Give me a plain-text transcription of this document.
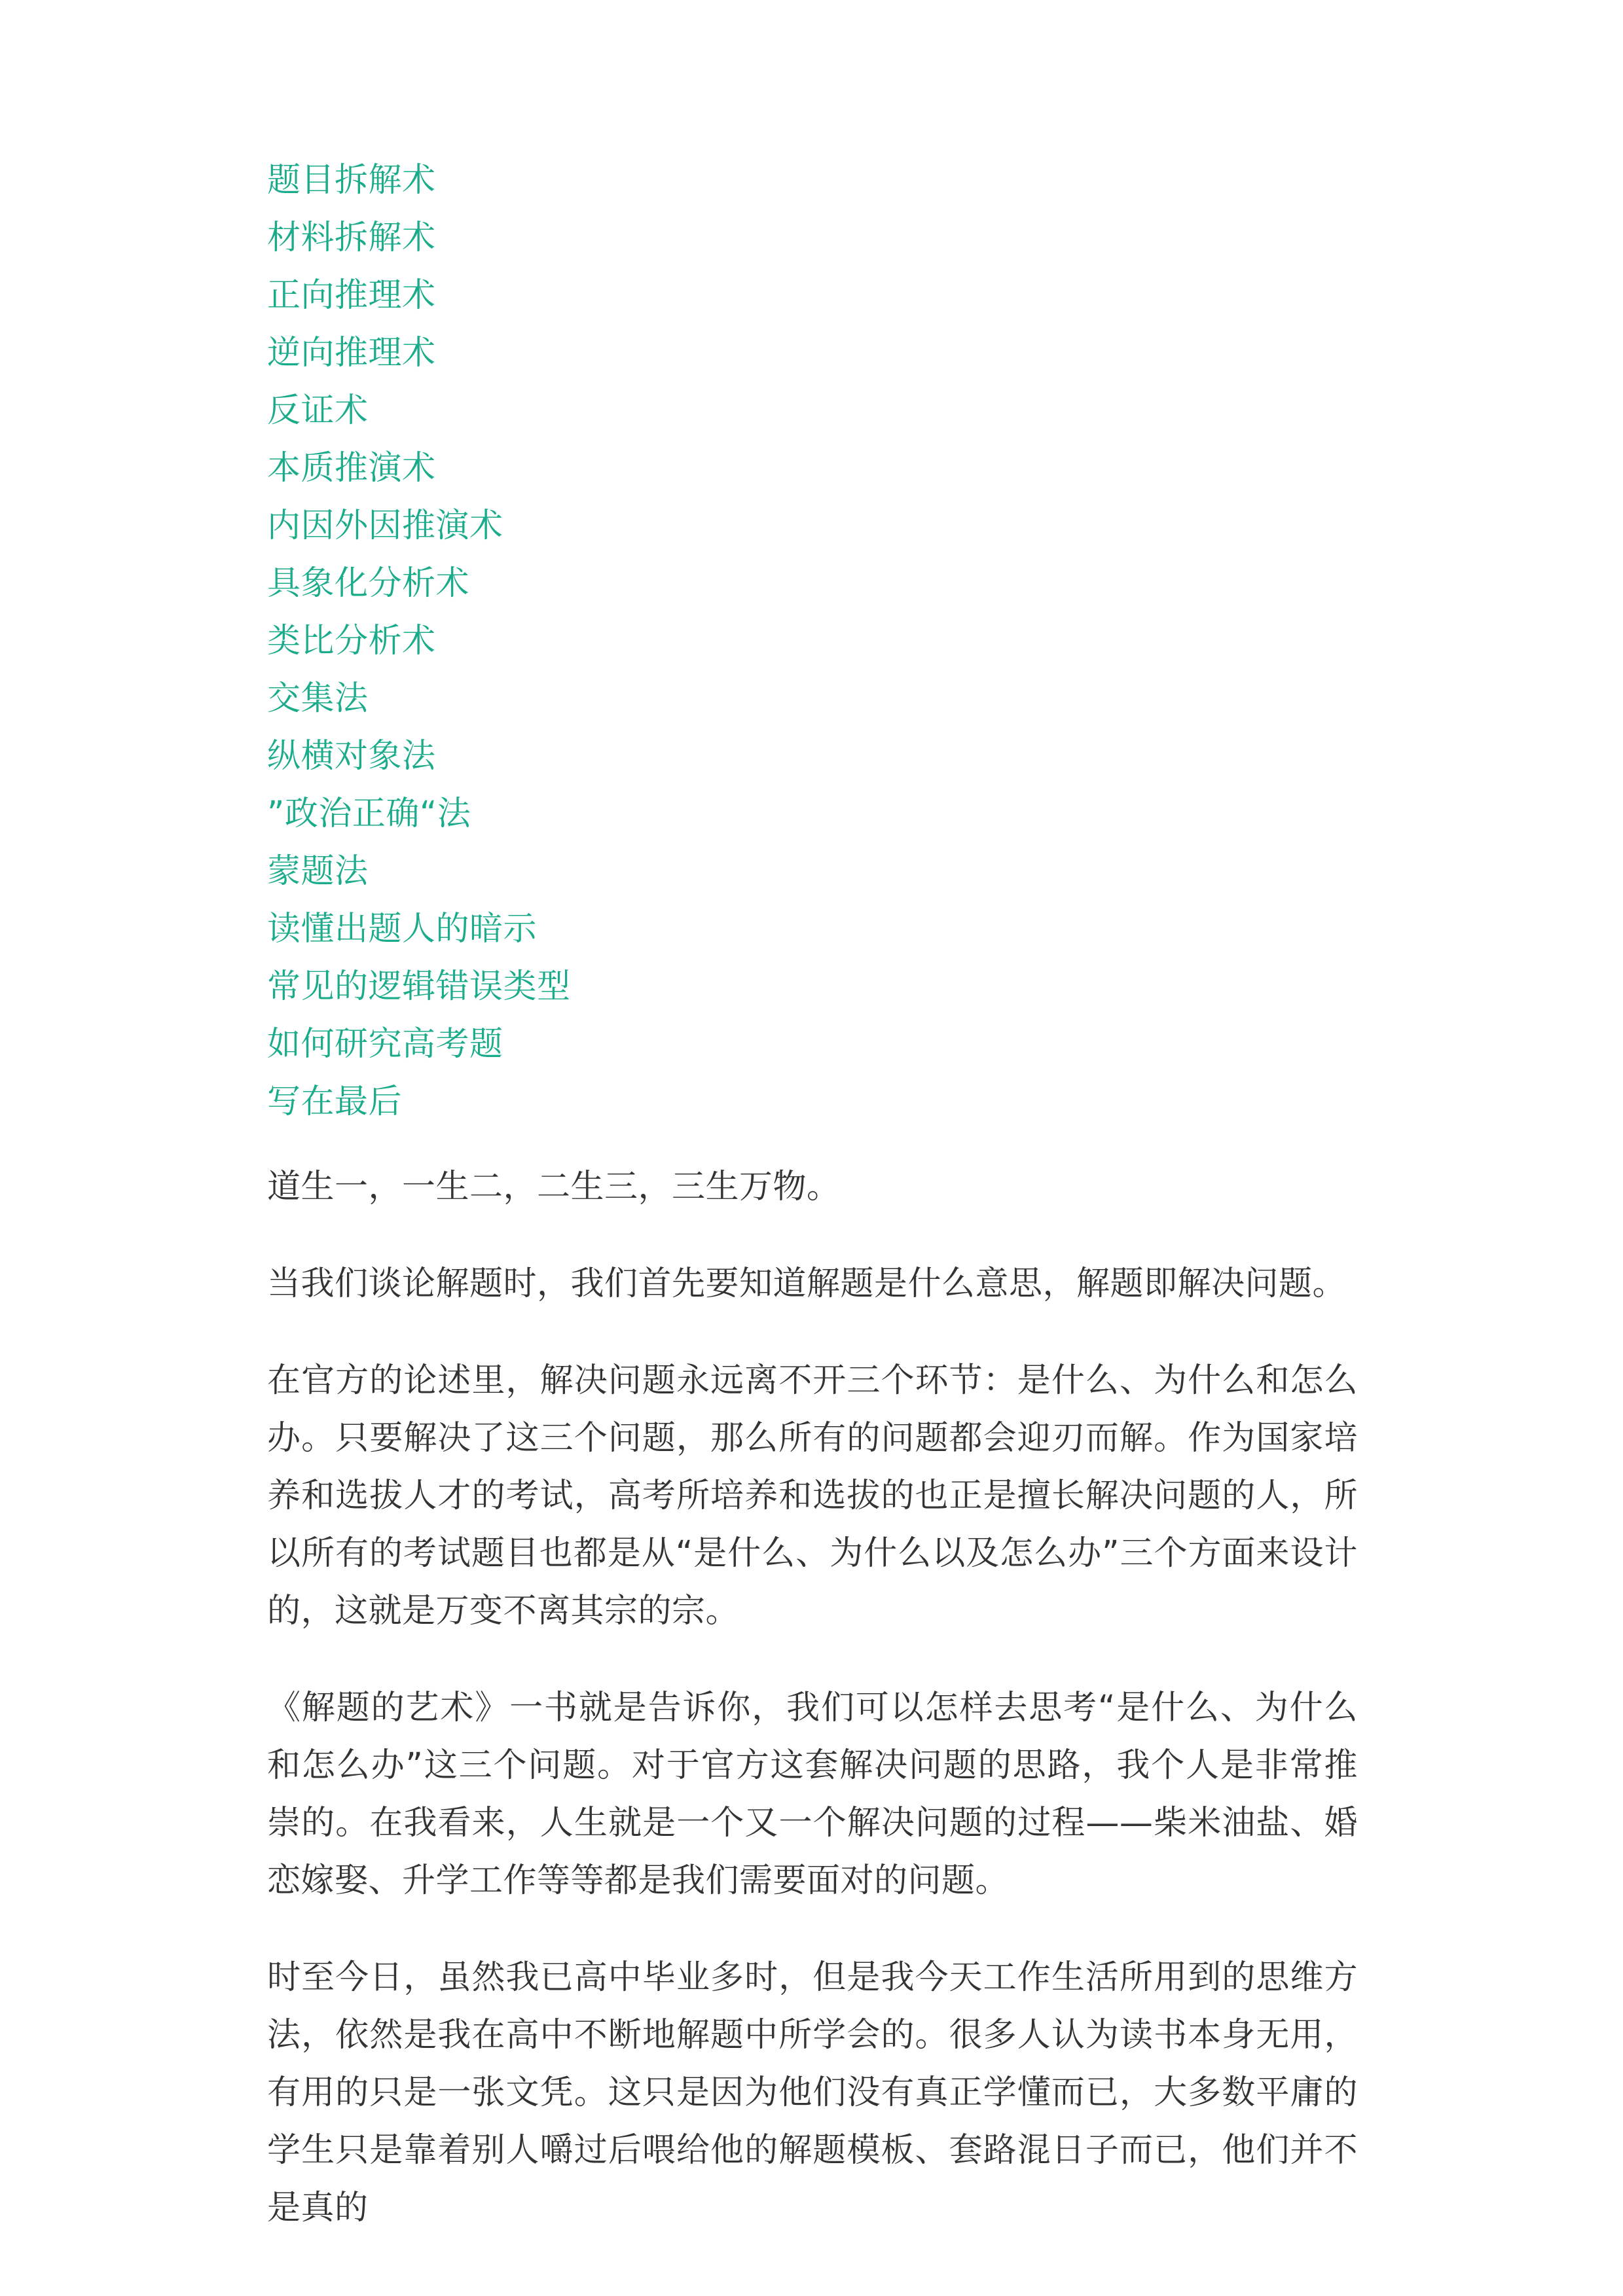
题目拆解术
材料拆解术
正向推理术
逆向推理术
反证术
本质推演术
内因外因推演术
具象化分析术
类比分析术
交集法
纵横对象法
”政治正确“法
蒙题法
读懂出题人的暗示
常见的逻辑错误类型
如何研究高考题
写在最后

道生一，一生二，二生三，三生万物。

当我们谈论解题时，我们首先要知道解题是什么意思，解题即解决问题。

在官方的论述里，解决问题永远离不开三个环节：是什么、为什么和怎么办。只要解决了这三个问题，那么所有的问题都会迎刃而解。作为国家培养和选拔人才的考试，高考所培养和选拔的也正是擅长解决问题的人，所以所有的考试题目也都是从“是什么、为什么以及怎么办”三个方面来设计的，这就是万变不离其宗的宗。

《解题的艺术》一书就是告诉你，我们可以怎样去思考“是什么、为什么和怎么办”这三个问题。对于官方这套解决问题的思路，我个人是非常推崇的。在我看来，人生就是一个又一个解决问题的过程——柴米油盐、婚恋嫁娶、升学工作等等都是我们需要面对的问题。

时至今日，虽然我已高中毕业多时，但是我今天工作生活所用到的思维方法，依然是我在高中不断地解题中所学会的。很多人认为读书本身无用，有用的只是一张文凭。这只是因为他们没有真正学懂而已，大多数平庸的学生只是靠着别人嚼过后喂给他的解题模板、套路混日子而已，他们并不是真的
